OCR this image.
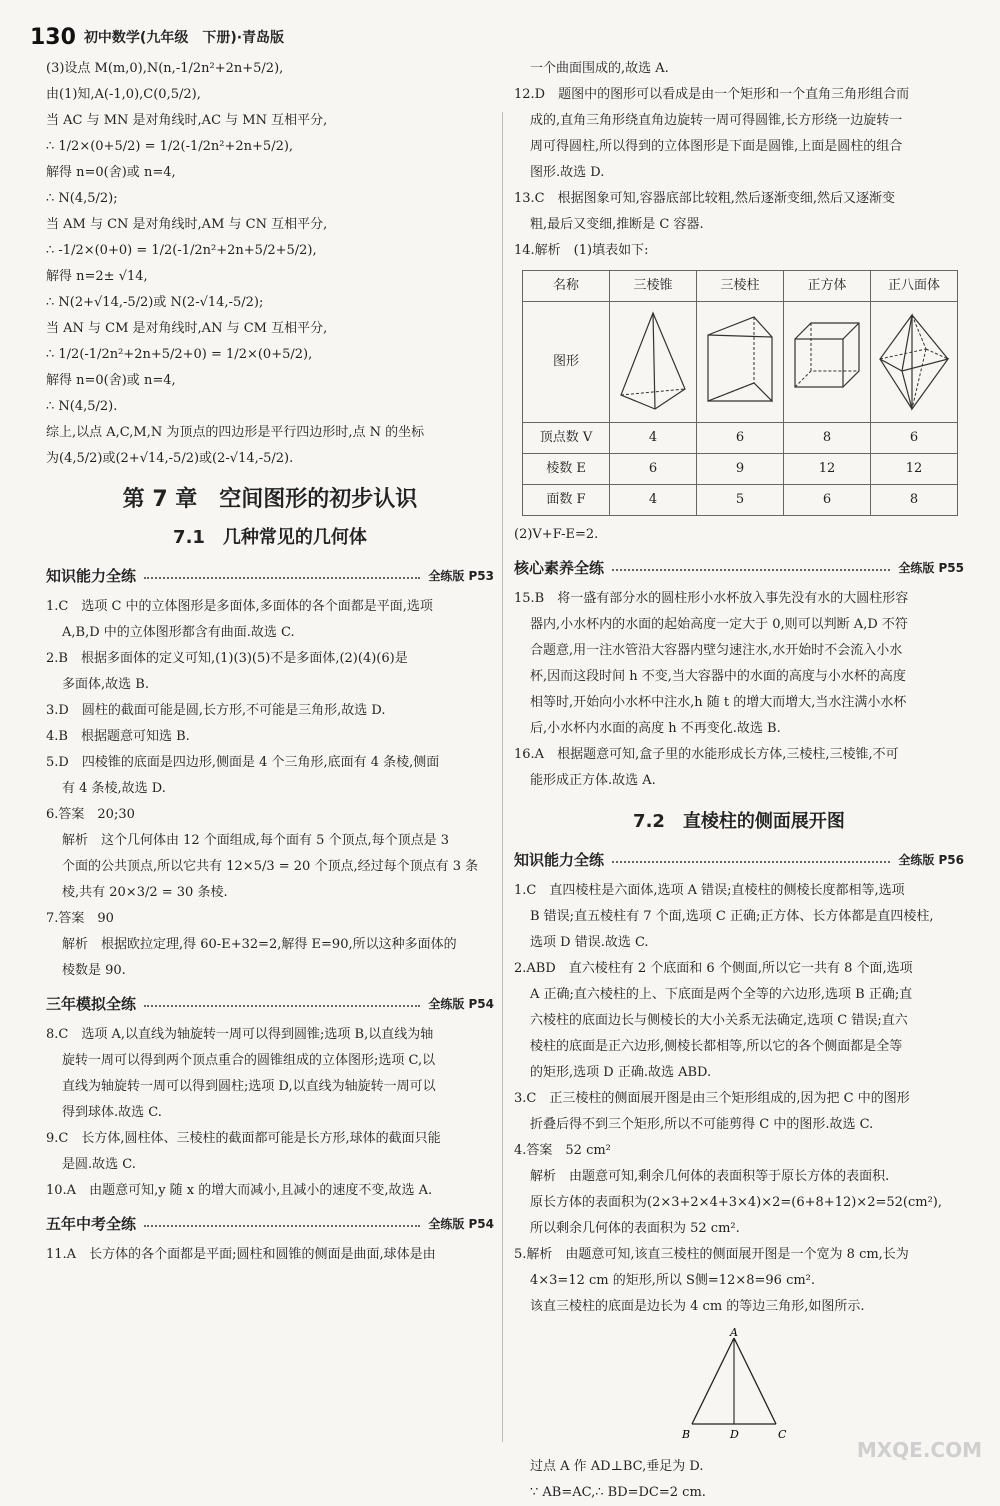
130 初中数学(九年级　下册)·青岛版

(3)设点 M(m,0),N(n,-1/2n²+2n+5/2),

由(1)知,A(-1,0),C(0,5/2),

当 AC 与 MN 是对角线时,AC 与 MN 互相平分,

∴ 1/2×(0+5/2) = 1/2(-1/2n²+2n+5/2),

解得 n=0(舍)或 n=4,

∴ N(4,5/2);

当 AM 与 CN 是对角线时,AM 与 CN 互相平分,

∴ -1/2×(0+0) = 1/2(-1/2n²+2n+5/2+5/2),

解得 n=2± √14,

∴ N(2+√14,-5/2)或 N(2-√14,-5/2);

当 AN 与 CM 是对角线时,AN 与 CM 互相平分,

∴ 1/2(-1/2n²+2n+5/2+0) = 1/2×(0+5/2),

解得 n=0(舍)或 n=4,

∴ N(4,5/2).

综上,以点 A,C,M,N 为顶点的四边形是平行四边形时,点 N 的坐标

为(4,5/2)或(2+√14,-5/2)或(2-√14,-5/2).

第 7 章　空间图形的初步认识
7.1　几种常见的几何体
知识能力全练	全练版 P53

1.C　选项 C 中的立体图形是多面体,多面体的各个面都是平面,选项

A,B,D 中的立体图形都含有曲面.故选 C.

2.B　根据多面体的定义可知,(1)(3)(5)不是多面体,(2)(4)(6)是

多面体,故选 B.

3.D　圆柱的截面可能是圆,长方形,不可能是三角形,故选 D.

4.B　根据题意可知选 B.

5.D　四棱锥的底面是四边形,侧面是 4 个三角形,底面有 4 条棱,侧面

有 4 条棱,故选 D.

6.答案　20;30

解析　这个几何体由 12 个面组成,每个面有 5 个顶点,每个顶点是 3

个面的公共顶点,所以它共有 12×5/3 = 20 个顶点,经过每个顶点有 3 条

棱,共有 20×3/2 = 30 条棱.

7.答案　90

解析　根据欧拉定理,得 60-E+32=2,解得 E=90,所以这种多面体的

棱数是 90.

三年模拟全练	全练版 P54

8.C　选项 A,以直线为轴旋转一周可以得到圆锥;选项 B,以直线为轴

旋转一周可以得到两个顶点重合的圆锥组成的立体图形;选项 C,以

直线为轴旋转一周可以得到圆柱;选项 D,以直线为轴旋转一周可以

得到球体.故选 C.

9.C　长方体,圆柱体、三棱柱的截面都可能是长方形,球体的截面只能

是圆.故选 C.

10.A　由题意可知,y 随 x 的增大而减小,且减小的速度不变,故选 A.

五年中考全练	全练版 P54

11.A　长方体的各个面都是平面;圆柱和圆锥的侧面是曲面,球体是由

一个曲面围成的,故选 A.

12.D　题图中的图形可以看成是由一个矩形和一个直角三角形组合而

成的,直角三角形绕直角边旋转一周可得圆锥,长方形绕一边旋转一

周可得圆柱,所以得到的立体图形是下面是圆锥,上面是圆柱的组合

图形.故选 D.

13.C　根据图象可知,容器底部比较粗,然后逐渐变细,然后又逐渐变

粗,最后又变细,推断是 C 容器.

14.解析　(1)填表如下:

名称	三棱锥	三棱柱	正方体	正八面体
图形	

顶点数 V	4	6	8	6
棱数 E	6	9	12	12
面数 F	4	5	6	8

(2)V+F-E=2.

核心素养全练	全练版 P55

15.B　将一盛有部分水的圆柱形小水杯放入事先没有水的大圆柱形容

器内,小水杯内的水面的起始高度一定大于 0,则可以判断 A,D 不符

合题意,用一注水管沿大容器内壁匀速注水,水开始时不会流入小水

杯,因而这段时间 h 不变,当大容器中的水面的高度与小水杯的高度

相等时,开始向小水杯中注水,h 随 t 的增大而增大,当水注满小水杯

后,小水杯内水面的高度 h 不再变化.故选 B.

16.A　根据题意可知,盒子里的水能形成长方体,三棱柱,三棱锥,不可

能形成正方体.故选 A.

7.2　直棱柱的侧面展开图
知识能力全练	全练版 P56

1.C　直四棱柱是六面体,选项 A 错误;直棱柱的侧棱长度都相等,选项

B 错误;直五棱柱有 7 个面,选项 C 正确;正方体、长方体都是直四棱柱,

选项 D 错误.故选 C.

2.ABD　直六棱柱有 2 个底面和 6 个侧面,所以它一共有 8 个面,选项

A 正确;直六棱柱的上、下底面是两个全等的六边形,选项 B 正确;直

六棱柱的底面边长与侧棱长的大小关系无法确定,选项 C 错误;直六

棱柱的底面是正六边形,侧棱长都相等,所以它的各个侧面都是全等

的矩形,选项 D 正确.故选 ABD.

3.C　正三棱柱的侧面展开图是由三个矩形组成的,因为把 C 中的图形

折叠后得不到三个矩形,所以不可能剪得 C 中的图形.故选 C.

4.答案　52 cm²

解析　由题意可知,剩余几何体的表面积等于原长方体的表面积.

原长方体的表面积为(2×3+2×4+3×4)×2=(6+8+12)×2=52(cm²),

所以剩余几何体的表面积为 52 cm².

5.解析　由题意可知,该直三棱柱的侧面展开图是一个宽为 8 cm,长为

4×3=12 cm 的矩形,所以 S侧=12×8=96 cm².

该直三棱柱的底面是边长为 4 cm 的等边三角形,如图所示.

A
B	D	C

过点 A 作 AD⊥BC,垂足为 D.

∵ AB=AC,∴ BD=DC=2 cm.

MXQE.COM
